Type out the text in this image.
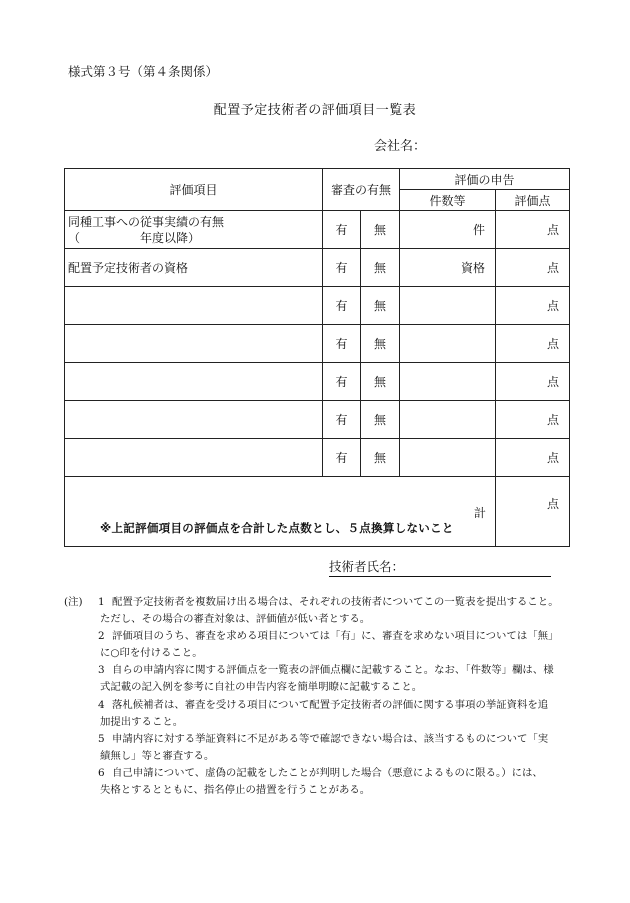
様式第３号（第４条関係）
配置予定技術者の評価項目一覧表
会社名：
評価項目	審査の有無		評価の申告	
			件数等	評価点
同種工事への従事実績の有無
（　　　　　年度以降）	有	無	件	点
配置予定技術者の資格	有	無	資格	点
	有	無		点
	有	無		点
	有	無		点
	有	無		点
	有	無		点

計
※上記評価項目の評価点を合計した点数とし、５点換算しないこと				点
技術者氏名：
(注) 1 配置予定技術者を複数届け出る場合は、それぞれの技術者についてこの一覧表を提出すること。
ただし、その場合の審査対象は、評価値が低い者とする。
2 評価項目のうち、審査を求める項目については「有」に、審査を求めない項目については「無」
に○印を付けること。
3 自らの申請内容に関する評価点を一覧表の評価点欄に記載すること。なお、「件数等」欄は、様
式記載の記入例を参考に自社の申告内容を簡単明瞭に記載すること。
4 落札候補者は、審査を受ける項目について配置予定技術者の評価に関する事項の挙証資料を追
加提出すること。
5 申請内容に対する挙証資料に不足がある等で確認できない場合は、該当するものについて「実
績無し」等と審査する。
6 自己申請について、虚偽の記載をしたことが判明した場合（悪意によるものに限る。）には、
失格とするとともに、指名停止の措置を行うことがある。
